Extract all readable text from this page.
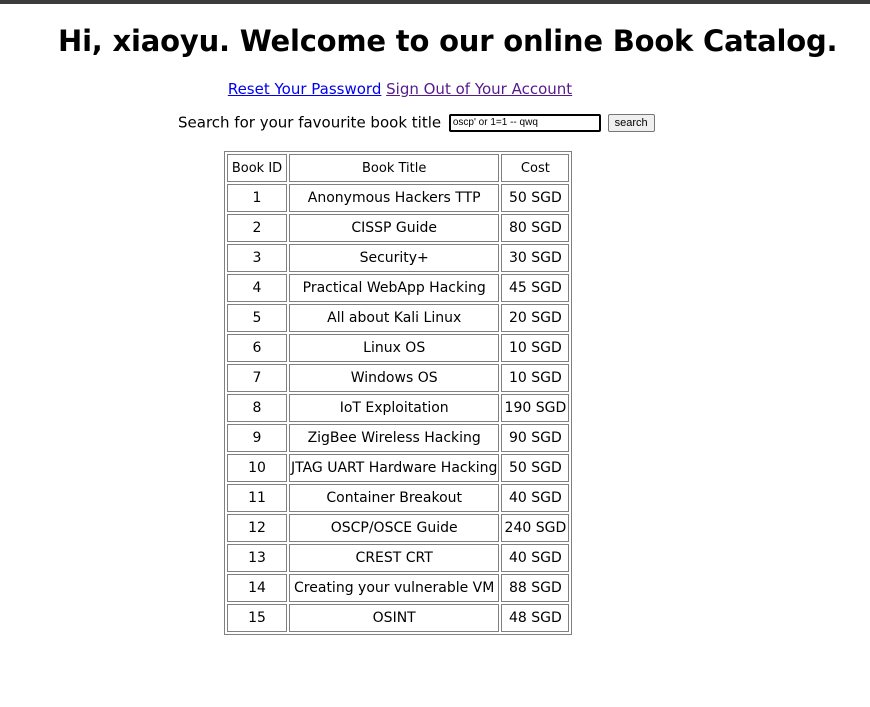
Hi, xiaoyu. Welcome to our online Book Catalog.
Reset Your Password Sign Out of Your Account
Search for your favourite book title oscp' or 1=1 -- qwq	search
Book ID	Book Title	Cost
1	Anonymous Hackers TTP	50 SGD
2	CISSP Guide	80 SGD
3	Security+	30 SGD
4	Practical WebApp Hacking	45 SGD
5	All about Kali Linux	20 SGD
6	Linux OS	10 SGD
7	Windows OS	10 SGD
8	IoT Exploitation	190 SGD
9	ZigBee Wireless Hacking	90 SGD
10	JTAG UART Hardware Hacking	50 SGD
11	Container Breakout	40 SGD
12	OSCP/OSCE Guide	240 SGD
13	CREST CRT	40 SGD
14	Creating your vulnerable VM	88 SGD
15	OSINT	48 SGD
